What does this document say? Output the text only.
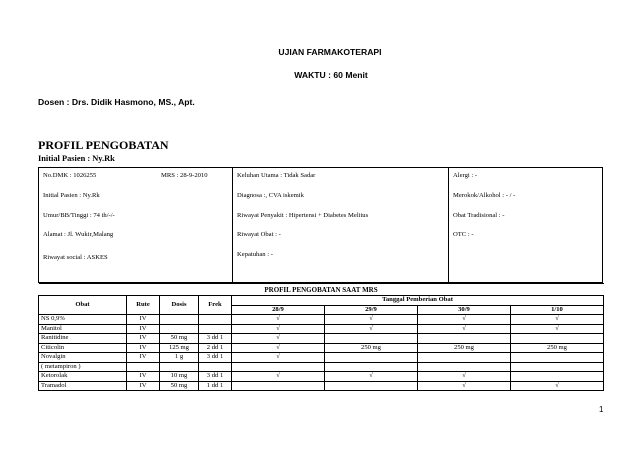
UJIAN FARMAKOTERAPI
WAKTU : 60 Menit
Dosen : Drs. Didik Hasmono, MS., Apt.
PROFIL PENGOBATAN
Initial Pasien : Ny.Rk
No.DMK : 1026255	MRS : 28-9-2010
Initial Pasien : Ny.Rk
Umur/BB/Tinggi : 74 th/-/-
Alamat : Jl. Wukir,Malang
Riwayat social : ASKES
Keluhan Utama : Tidak Sadar
Diagnosa :, CVA iskemik
Riwayat Penyakit : Hipertensi + Diabetes Melitus
Riwayat Obat : -
Kepatuhan : -
Alergi : -
Merokok/Alkohol : - / -
Obat Tradisional : -
OTC : -
PROFIL PENGOBATAN SAAT MRS							
Obat	Rute	Dosis	Frek	Tanggal Pemberian Obat			
				28/9	29/9	30/9	1/10
NS 0,9%	IV			√	√	√	√
Manitol	IV			√	√	√	√
Ranitidine	IV	50 mg	3 dd 1	√			
Citicolin	IV	125 mg	2 dd 1	√	250 mg	250 mg	250 mg
Novalgin	IV	1 g	3 dd 1	√			
( metampiron )							
Ketorolak	IV	10 mg	3 dd 1	√	√	√	
Tramadol	IV	50 mg	1 dd 1			√	√
1
